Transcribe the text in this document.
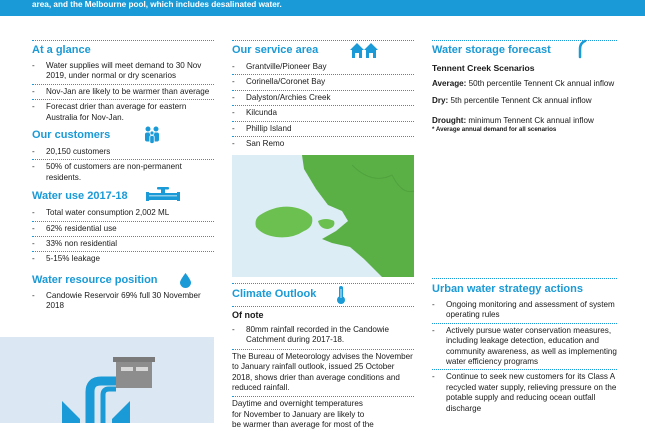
area, and the Melbourne pool, which includes desalinated water.
At a glance
- Water supplies will meet demand to 30 Nov 2019, under normal or dry scenarios
- Nov-Jan are likely to be warmer than average
- Forecast drier than average for eastern Australia for Nov-Jan.
Our customers
- 20,150 customers
- 50% of customers are non-permanent residents.
Water use 2017-18
- Total water consumption 2,002 ML
- 62% residential use
- 33% non residential
- 5-15% leakage
Water resource position
- Candowie Reservoir 69% full 30 November 2018
Our service area
- Grantville/Pioneer Bay
- Corinella/Coronet Bay
- Dalyston/Archies Creek
- Kilcunda
- Phillip Island
- San Remo
Climate Outlook
Of note
- 80mm rainfall recorded in the Candowie Catchment during 2017-18.

The Bureau of Meteorology advises the November to January rainfall outlook, issued 25 October 2018, shows drier than average conditions and reduced rainfall.

Daytime and overnight temperatures

for November to January are likely to

be warmer than average for most of the

Water storage forecast
Tennent Creek Scenarios

Average: 50th percentile Tennent Ck annual inflow

Dry: 5th percentile Tennent Ck annual inflow

Drought: minimum Tennent Ck annual inflow

* Average annual demand for all scenarios

Urban water strategy actions
- Ongoing monitoring and assessment of system operating rules
- Actively pursue water conservation measures, including leakage detection, education and community awareness, as well as implementing water efficiency programs
- Continue to seek new customers for its Class A recycled water supply, relieving pressure on the potable supply and reducing ocean outfall discharge
